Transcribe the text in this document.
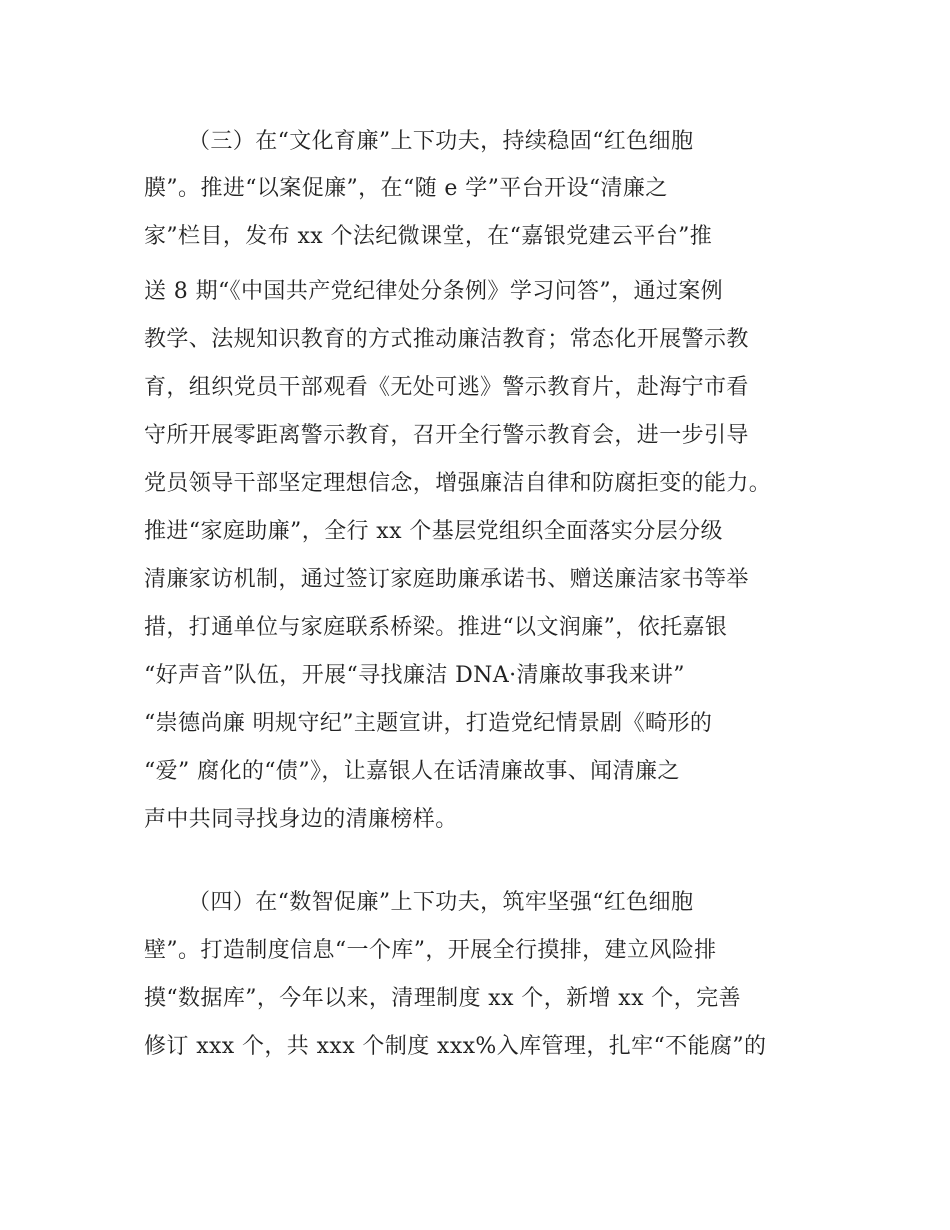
（三）在“文化育廉”上下功夫，持续稳固“红色细胞
膜”。推进“以案促廉”，在“随 e 学”平台开设“清廉之
家”栏目，发布 xx 个法纪微课堂，在“嘉银党建云平台”推
送 8 期“《中国共产党纪律处分条例》学习问答”，通过案例
教学、法规知识教育的方式推动廉洁教育；常态化开展警示教
育，组织党员干部观看《无处可逃》警示教育片，赴海宁市看
守所开展零距离警示教育，召开全行警示教育会，进一步引导
党员领导干部坚定理想信念，增强廉洁自律和防腐拒变的能力。
推进“家庭助廉”，全行 xx 个基层党组织全面落实分层分级
清廉家访机制，通过签订家庭助廉承诺书、赠送廉洁家书等举
措，打通单位与家庭联系桥梁。推进“以文润廉”，依托嘉银
“好声音”队伍，开展“寻找廉洁 DNA·清廉故事我来讲”
“崇德尚廉 明规守纪”主题宣讲，打造党纪情景剧《畸形的
“爱” 腐化的“债”》，让嘉银人在话清廉故事、闻清廉之
声中共同寻找身边的清廉榜样。
（四）在“数智促廉”上下功夫，筑牢坚强“红色细胞
壁”。打造制度信息“一个库”，开展全行摸排，建立风险排
摸“数据库”，今年以来，清理制度 xx 个，新增 xx 个，完善
修订 xxx 个，共 xxx 个制度 xxx%入库管理，扎牢“不能腐”的
